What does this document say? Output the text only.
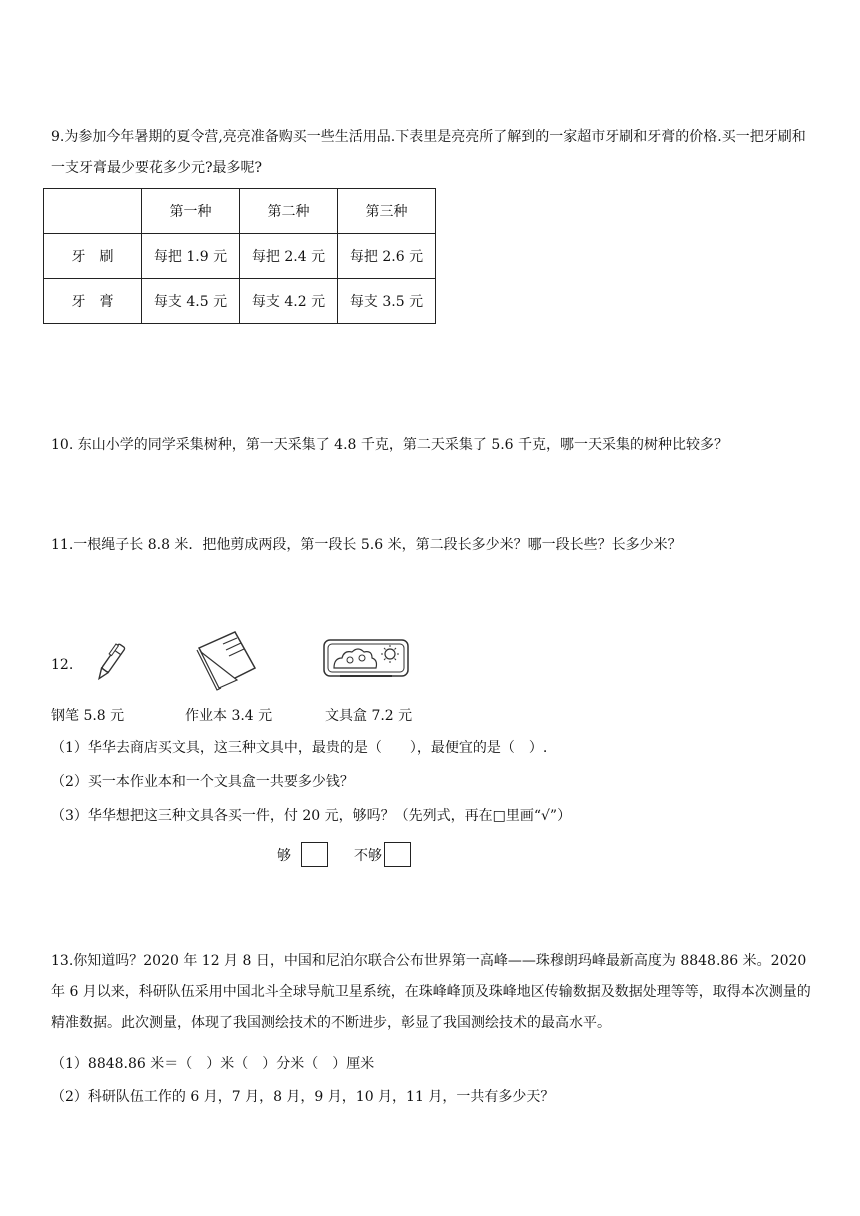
9.为参加今年暑期的夏令营,亮亮准备购买一些生活用品.下表里是亮亮所了解到的一家超市牙刷和牙膏的价格.买一把牙刷和一支牙膏最少要花多少元?最多呢?
	第一种	第二种	第三种
牙　刷	每把 1.9 元	每把 2.4 元	每把 2.6 元
牙　膏	每支 4.5 元	每支 4.2 元	每支 3.5 元
10. 东山小学的同学采集树种，第一天采集了 4.8 千克，第二天采集了 5.6 千克，哪一天采集的树种比较多？
11.一根绳子长 8.8 米．把他剪成两段，第一段长 5.6 米，第二段长多少米？哪一段长些？长多少米？
12.
钢笔 5.8 元	作业本 3.4 元	文具盒 7.2 元
（1）华华去商店买文具，这三种文具中，最贵的是（　　），最便宜的是（　）.
（2）买一本作业本和一个文具盒一共要多少钱？
（3）华华想把这三种文具各买一件，付 20 元，够吗？（先列式，再在□里画“√”）
够	不够
13.你知道吗？2020 年 12 月 8 日，中国和尼泊尔联合公布世界第一高峰——珠穆朗玛峰最新高度为 8848.86 米。2020 年 6 月以来，科研队伍采用中国北斗全球导航卫星系统，在珠峰峰顶及珠峰地区传输数据及数据处理等等，取得本次测量的精准数据。此次测量，体现了我国测绘技术的不断进步，彰显了我国测绘技术的最高水平。
（1）8848.86 米＝（　）米（　）分米（　）厘米
（2）科研队伍工作的 6 月，7 月，8 月，9 月，10 月，11 月，一共有多少天？
